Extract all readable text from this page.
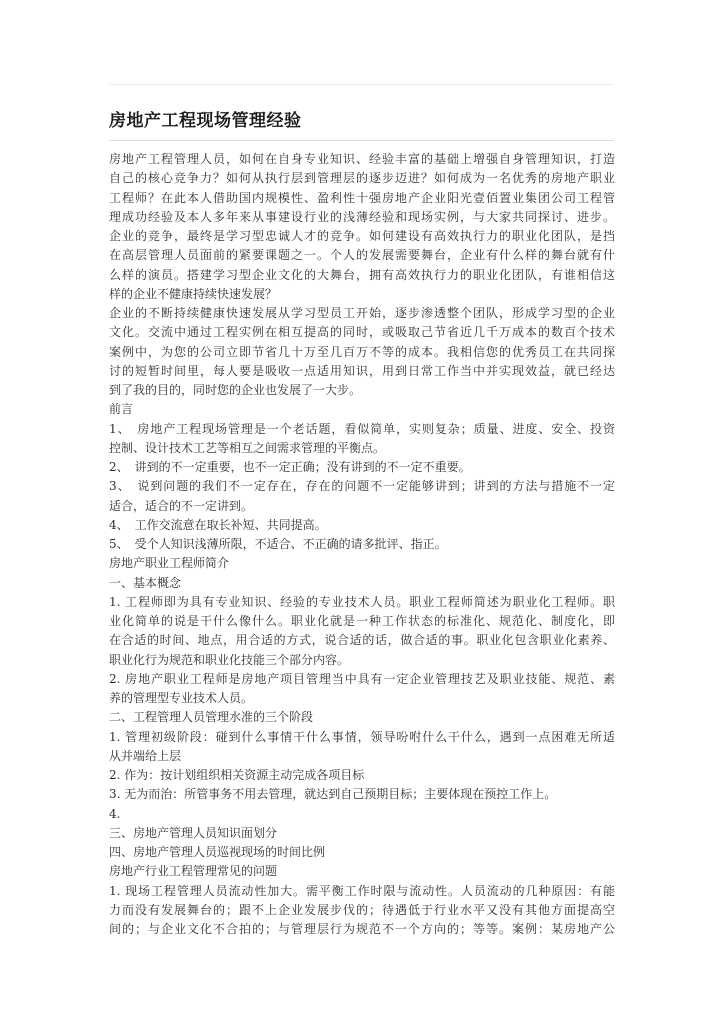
房地产工程现场管理经验
房地产工程管理人员，如何在自身专业知识、经验丰富的基础上增强自身管理知识，打造
自己的核心竞争力？如何从执行层到管理层的逐步迈进？如何成为一名优秀的房地产职业
工程师？在此本人借助国内规模性、盈利性十强房地产企业阳光壹佰置业集团公司工程管
理成功经验及本人多年来从事建设行业的浅薄经验和现场实例，与大家共同探讨、进步。
企业的竞争，最终是学习型忠诚人才的竞争。如何建设有高效执行力的职业化团队，是挡
在高层管理人员面前的紧要课题之一。个人的发展需要舞台，企业有什么样的舞台就有什
么样的演员。搭建学习型企业文化的大舞台，拥有高效执行力的职业化团队，有谁相信这
样的企业不健康持续快速发展？
企业的不断持续健康快速发展从学习型员工开始，逐步渗透整个团队，形成学习型的企业
文化。交流中通过工程实例在相互提高的同时，或吸取己节省近几千万成本的数百个技术
案例中，为您的公司立即节省几十万至几百万不等的成本。我相信您的优秀员工在共同探
讨的短暂时间里，每人要是吸收一点适用知识，用到日常工作当中并实现效益，就已经达
到了我的目的，同时您的企业也发展了一大步。
前言
1、　房地产工程现场管理是一个老话题，看似简单，实则复杂；质量、进度、安全、投资
控制、设计技术工艺等相互之间需求管理的平衡点。
2、　讲到的不一定重要，也不一定正确；没有讲到的不一定不重要。
3、　说到问题的我们不一定存在，存在的问题不一定能够讲到；讲到的方法与措施不一定
适合，适合的不一定讲到。
4、　工作交流意在取长补短、共同提高。
5、　受个人知识浅薄所限，不适合、不正确的请多批评、指正。
房地产职业工程师简介
一、基本概念
1. 工程师即为具有专业知识、经验的专业技术人员。职业工程师简述为职业化工程师。职
业化简单的说是干什么像什么。职业化就是一种工作状态的标准化、规范化、制度化，即
在合适的时间、地点，用合适的方式，说合适的话，做合适的事。职业化包含职业化素养、
职业化行为规范和职业化技能三个部分内容。
2. 房地产职业工程师是房地产项目管理当中具有一定企业管理技艺及职业技能、规范、素
养的管理型专业技术人员。
二、工程管理人员管理水准的三个阶段
1. 管理初级阶段：碰到什么事情干什么事情，领导吩咐什么干什么，遇到一点困难无所适
从并端给上层
2. 作为：按计划组织相关资源主动完成各项目标
3. 无为而治：所管事务不用去管理，就达到自己预期目标；主要体现在预控工作上。
4.
三、房地产管理人员知识面划分
四、房地产管理人员巡视现场的时间比例
房地产行业工程管理常见的问题
1. 现场工程管理人员流动性加大。需平衡工作时限与流动性。人员流动的几种原因：有能
力而没有发展舞台的；跟不上企业发展步伐的；待遇低于行业水平又没有其他方面提高空
间的；与企业文化不合拍的；与管理层行为规范不一个方向的；等等。案例：某房地产公
